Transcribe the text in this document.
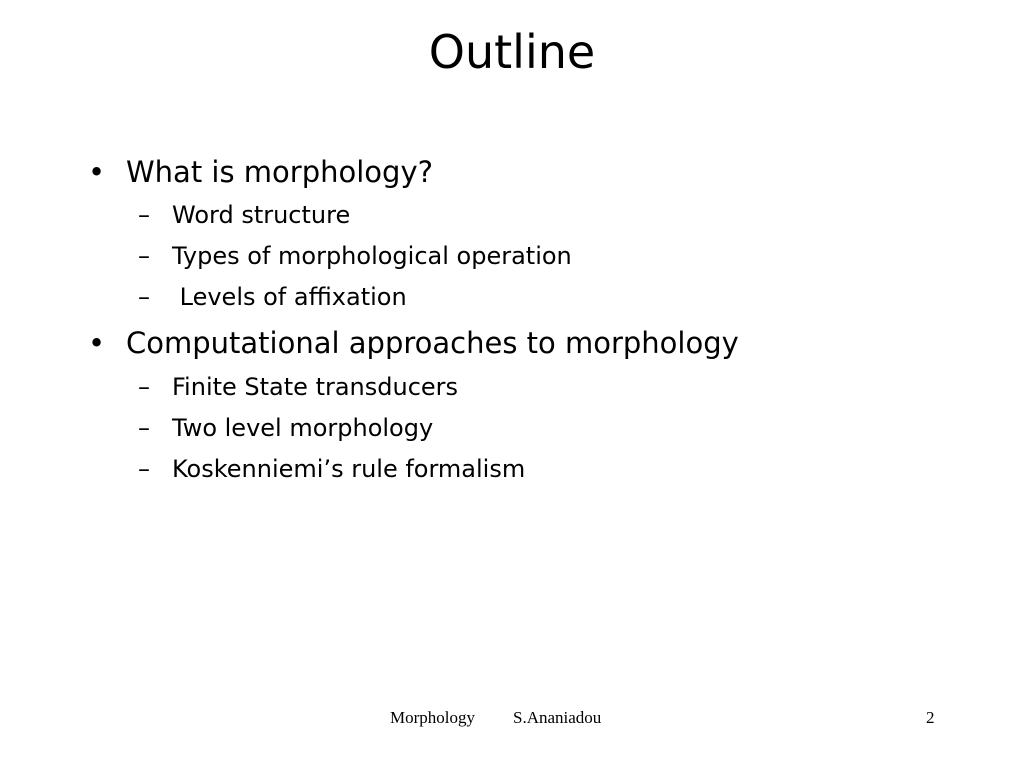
Outline
• What is morphology?
– Word structure
– Types of morphological operation
– Levels of affixation
• Computational approaches to morphology
– Finite State transducers
– Two level morphology
– Koskenniemi’s rule formalism
Morphology S.Ananiadou	2
